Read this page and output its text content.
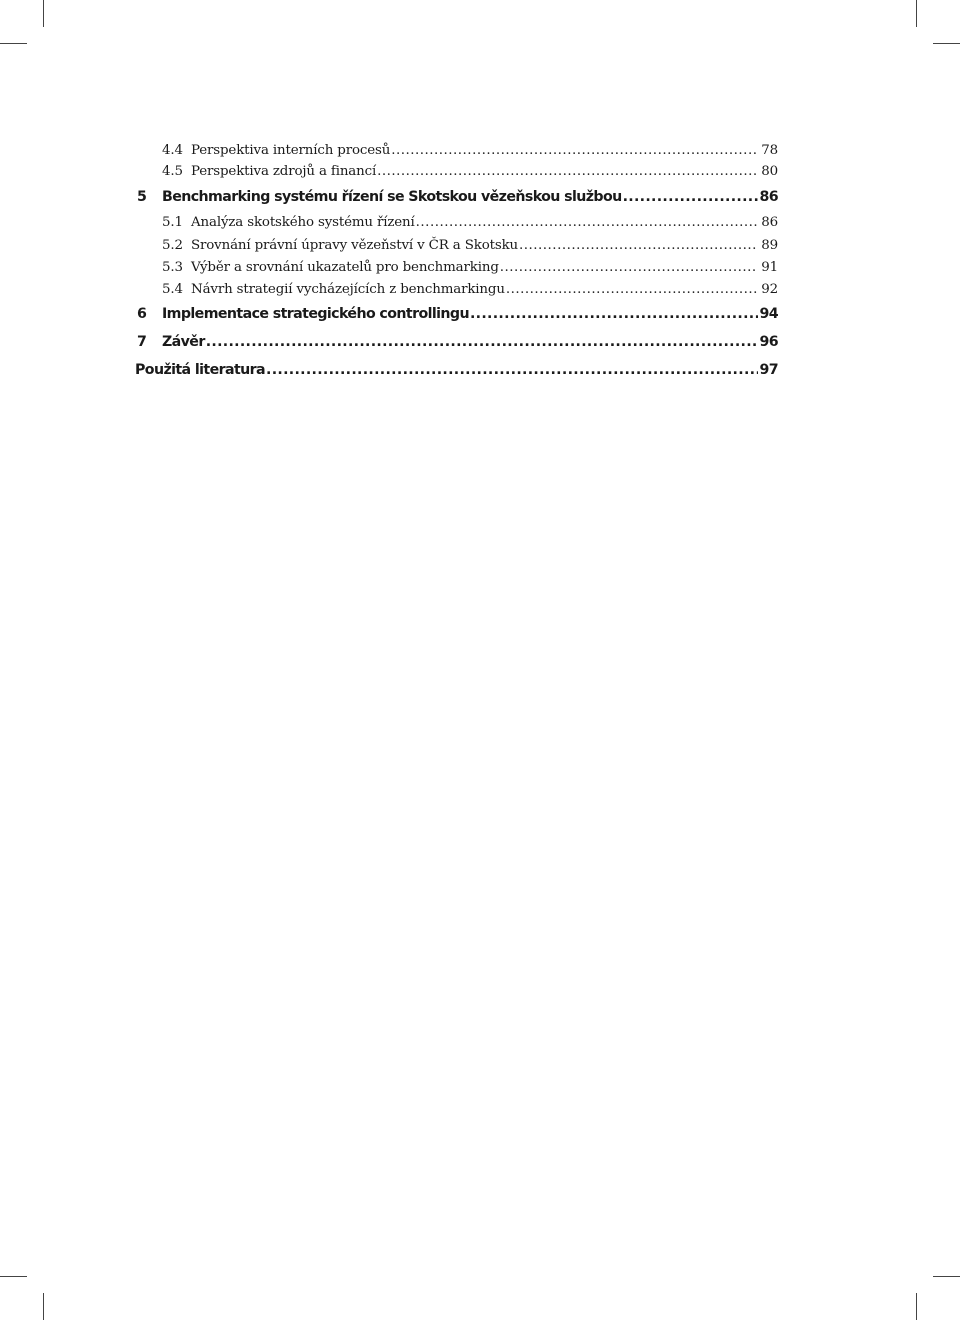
4.4 Perspektiva interních procesů .....	78
4.5 Perspektiva zdrojů a financí .....	80
5	Benchmarking systému řízení se Skotskou vězeňskou službou .....	86
5.1 Analýza skotského systému řízení .....	86
5.2 Srovnání právní úpravy vězeňství v ČR a Skotsku .....	89
5.3 Výběr a srovnání ukazatelů pro benchmarking .....	91
5.4 Návrh strategií vycházejících z benchmarkingu .....	92
6	Implementace strategického controllingu .....	94
7	Závěr .....	96
Použitá literatura .....	97
